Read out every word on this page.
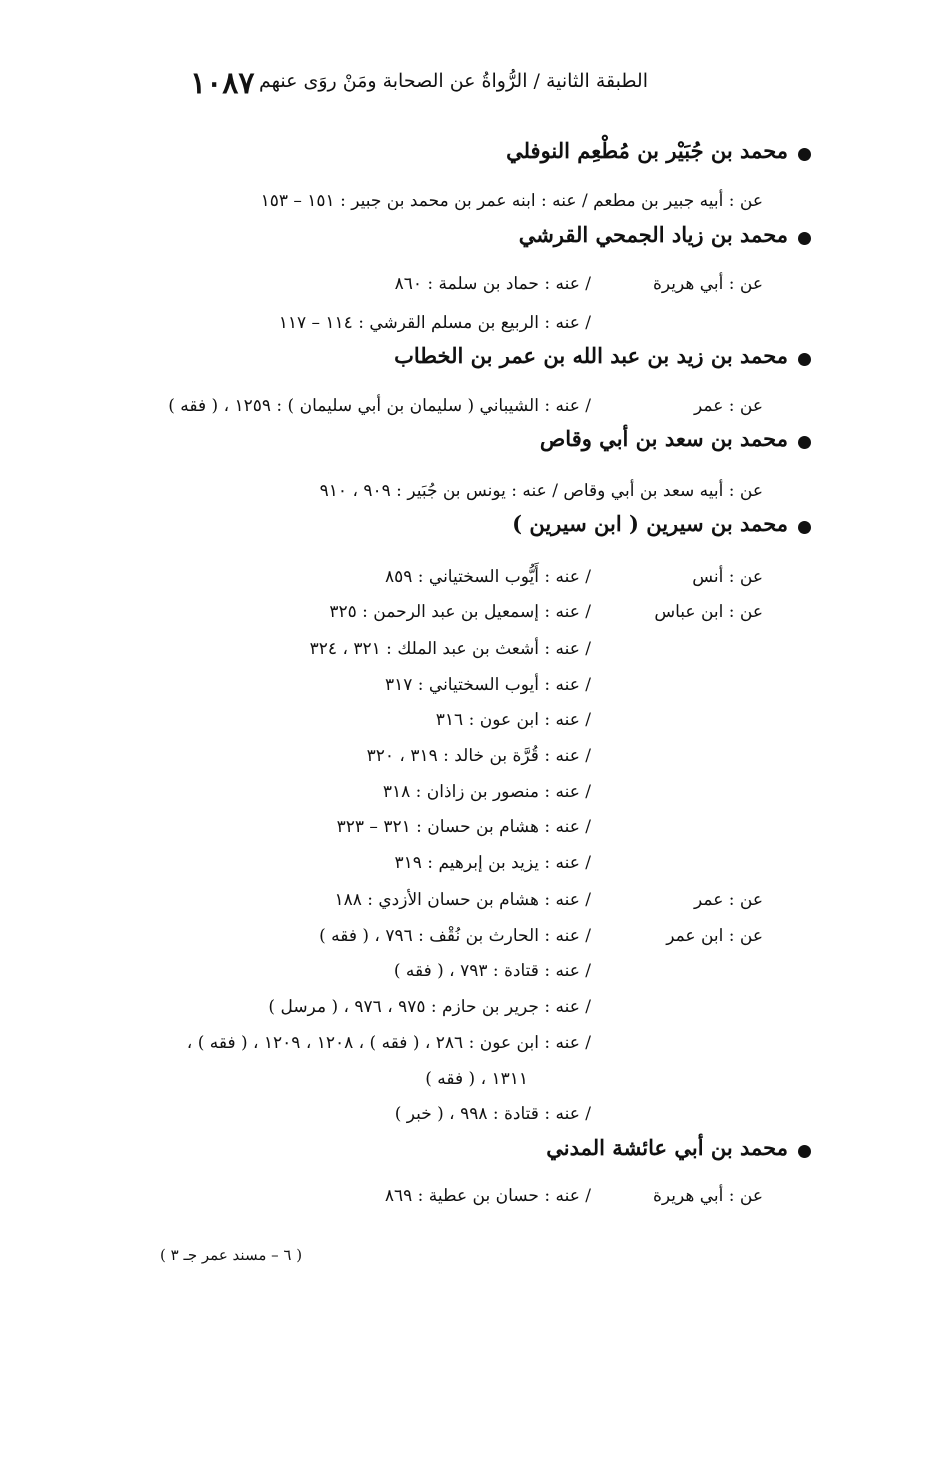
١٠٨٧ الطبقة الثانية / الرُّواةُ عن الصحابة ومَنْ روَى عنهم
محمد بن جُبَيْر بن مُطْعِم النوفلي
عن : أبيه جبير بن مطعم / عنه : ابنه عمر بن محمد بن جبير : ١٥١ – ١٥٣
محمد بن زياد الجمحي القرشي
عن : أبي هريرة
/ عنه : حماد بن سلمة : ٨٦٠
/ عنه : الربيع بن مسلم القرشي : ١١٤ – ١١٧
محمد بن زيد بن عبد الله بن عمر بن الخطاب
عن : عمر
/ عنه : الشيباني ( سليمان بن أبي سليمان ) : ١٢٥٩ ، ( فقه )
محمد بن سعد بن أبي وقاص
عن : أبيه سعد بن أبي وقاص / عنه : يونس بن جُبَير : ٩٠٩ ، ٩١٠
محمد بن سيرين ( ابن سيرين )
عن : أنس
/ عنه : أَيُّوب السختياني : ٨٥٩
عن : ابن عباس
/ عنه : إسمعيل بن عبد الرحمن : ٣٢٥
/ عنه : أشعث بن عبد الملك : ٣٢١ ، ٣٢٤
/ عنه : أيوب السختياني : ٣١٧
/ عنه : ابن عون : ٣١٦
/ عنه : قُرَّة بن خالد : ٣١٩ ، ٣٢٠
/ عنه : منصور بن زاذان : ٣١٨
/ عنه : هشام بن حسان : ٣٢١ – ٣٢٣
/ عنه : يزيد بن إبرهيم : ٣١٩
عن : عمر
/ عنه : هشام بن حسان الأزدي : ١٨٨
عن : ابن عمر
/ عنه : الحارث بن نُقْف : ٧٩٦ ، ( فقه )
/ عنه : قتادة : ٧٩٣ ، ( فقه )
/ عنه : جرير بن حازم : ٩٧٥ ، ٩٧٦ ، ( مرسل )
/ عنه : ابن عون : ٢٨٦ ، ( فقه ) ، ١٢٠٨ ، ١٢٠٩ ، ( فقه ) ،
١٣١١ ، ( فقه )
/ عنه : قتادة : ٩٩٨ ، ( خبر )
محمد بن أبي عائشة المدني
عن : أبي هريرة
/ عنه : حسان بن عطية : ٨٦٩
( ٦ – مسند عمر جـ ٣ )
